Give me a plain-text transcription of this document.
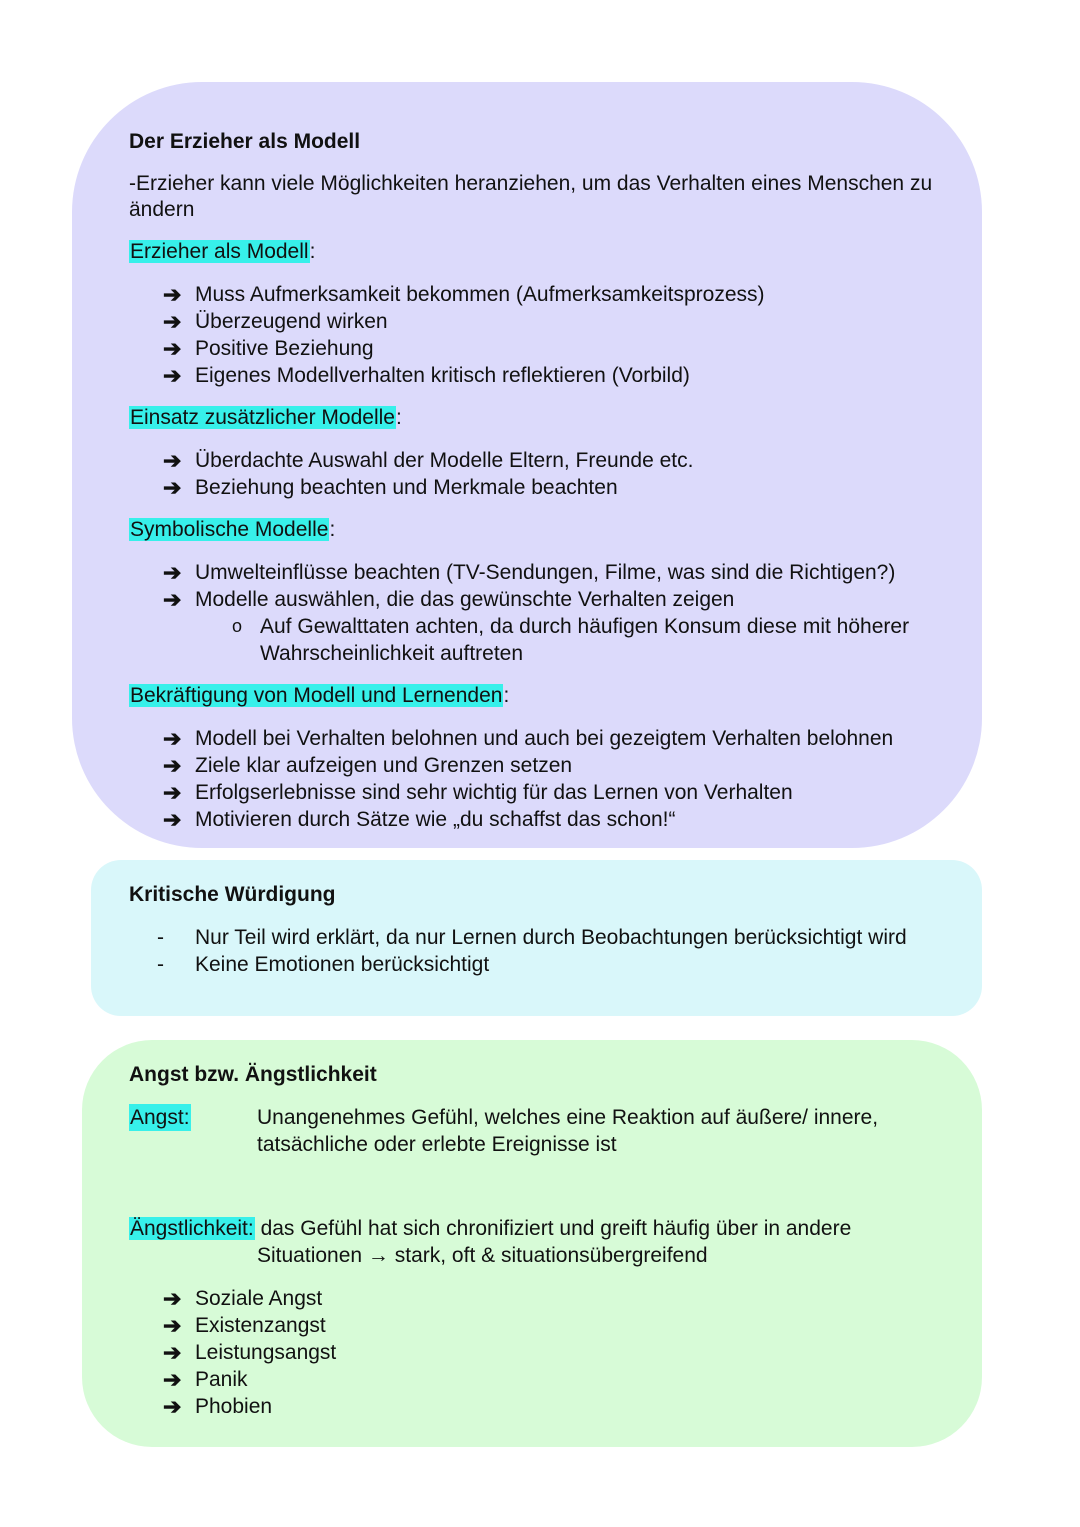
Der Erzieher als Modell
-Erzieher kann viele Möglichkeiten heranziehen, um das Verhalten eines Menschen zu ändern
Erzieher als Modell:
➔ Muss Aufmerksamkeit bekommen (Aufmerksamkeitsprozess)
➔ Überzeugend wirken
➔ Positive Beziehung
➔ Eigenes Modellverhalten kritisch reflektieren (Vorbild)
Einsatz zusätzlicher Modelle:
➔ Überdachte Auswahl der Modelle Eltern, Freunde etc.
➔ Beziehung beachten und Merkmale beachten
Symbolische Modelle:
➔ Umwelteinflüsse beachten (TV-Sendungen, Filme, was sind die Richtigen?)
➔ Modelle auswählen, die das gewünschte Verhalten zeigen
o Auf Gewalttaten achten, da durch häufigen Konsum diese mit höherer Wahrscheinlichkeit auftreten
Bekräftigung von Modell und Lernenden:
➔ Modell bei Verhalten belohnen und auch bei gezeigtem Verhalten belohnen
➔ Ziele klar aufzeigen und Grenzen setzen
➔ Erfolgserlebnisse sind sehr wichtig für das Lernen von Verhalten
➔ Motivieren durch Sätze wie „du schaffst das schon!“
Kritische Würdigung
- Nur Teil wird erklärt, da nur Lernen durch Beobachtungen berücksichtigt wird
- Keine Emotionen berücksichtigt
Angst bzw. Ängstlichkeit
Angst:	Unangenehmes Gefühl, welches eine Reaktion auf äußere/ innere, tatsächliche oder erlebte Ereignisse ist
Ängstlichkeit: das Gefühl hat sich chronifiziert und greift häufig über in andere
Situationen → stark, oft & situationsübergreifend
➔ Soziale Angst
➔ Existenzangst
➔ Leistungsangst
➔ Panik
➔ Phobien
